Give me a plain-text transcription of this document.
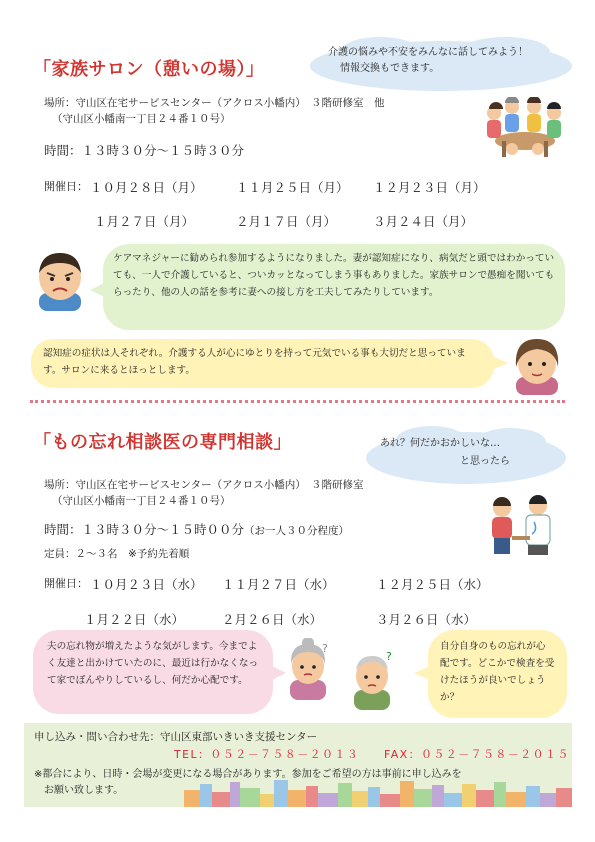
「家族サロン（憩いの場）」
介護の悩みや不安をみんなに話してみよう！
情報交換もできます。
場所：守山区在宅サービスセンター（アクロス小幡内）　３階研修室　他
（守山区小幡南一丁目２４番１０号）
時間：１３時３０分～１５時３０分
開催日： １０月２８日（月）	１１月２５日（月） １２月２３日（月）
１月２７日（月）	２月１７日（月）	３月２４日（月）
ケアマネジャーに勧められ参加するようになりました。妻が認知症になり、病気だと頭ではわかっていても、一人で介護していると、ついカッとなってしまう事もありました。家族サロンで愚痴を聞いてもらったり、他の人の話を参考に妻への接し方を工夫してみたりしています。
認知症の症状は人それぞれ。介護する人が心にゆとりを持って元気でいる事も大切だと思っています。サロンに来るとほっとします。
「もの忘れ相談医の専門相談」	あれ？何だかおかしいな…
と思ったら
場所：守山区在宅サービスセンター（アクロス小幡内）　３階研修室
（守山区小幡南一丁目２４番１０号）
時間：１３時３０分～１５時００分（お一人３０分程度）
定員：２～３名　※予約先着順
開催日： １０月２３日（水） １１月２７日（水）	１２月２５日（水）
１月２２日（水）	２月２６日（水）	３月２６日（水）
夫の忘れ物が増えたような気がします。今までよく友達と出かけていたのに、最近は行かなくなって家でぼんやりしているし、何だか心配です。
?
?
自分自身のもの忘れが心配です。どこかで検査を受けたほうが良いでしょうか？
申し込み・問い合わせ先：守山区東部いきいき支援センター
TEL：０５２－７５８－２０１３ FAX：０５２－７５８－２０１５
※都合により、日時・会場が変更になる場合があります。参加をご希望の方は事前に申し込みを
お願い致します。
